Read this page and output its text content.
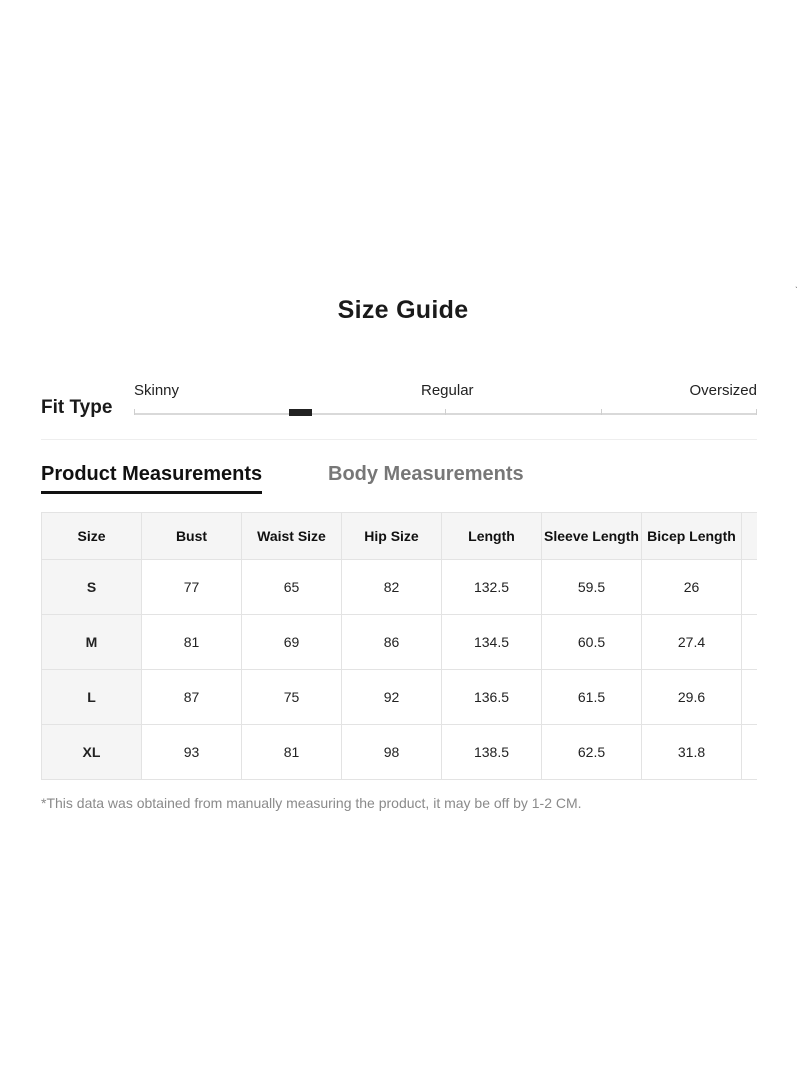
Size Guide
ˎ
Fit Type
Skinny	Regular	Oversized
Product Measurements	Body Measurements
Size	Bust	Waist Size	Hip Size	Length	Sleeve Length	Bicep Length	
S	77	65	82	132.5	59.5	26	
M	81	69	86	134.5	60.5	27.4	
L	87	75	92	136.5	61.5	29.6	
XL	93	81	98	138.5	62.5	31.8	
*This data was obtained from manually measuring the product, it may be off by 1-2 CM.
